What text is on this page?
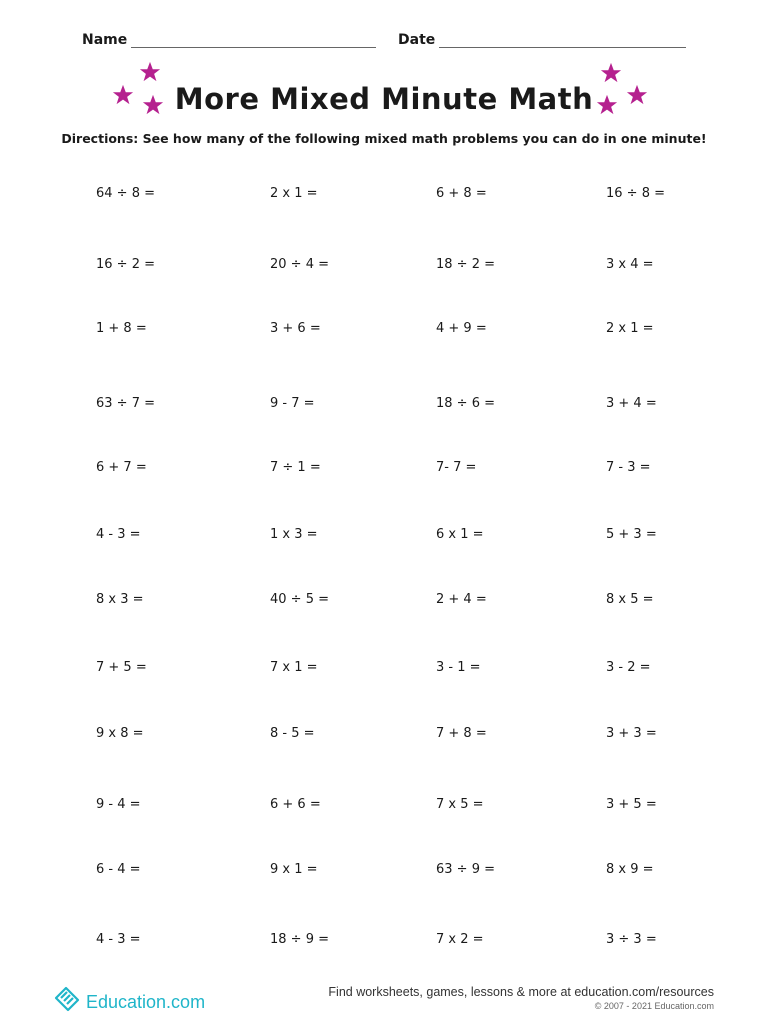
Name	Date
More Mixed Minute Math
Directions: See how many of the following mixed math problems you can do in one minute!
64 ÷ 8 =	2 x 1 =	6 + 8 =	16 ÷ 8 =
16 ÷ 2 =	20 ÷ 4 =	18 ÷ 2 =	3 x 4 =
1 + 8 =	3 + 6 =	4 + 9 =	2 x 1 =
63 ÷ 7 =	9 - 7 =	18 ÷ 6 =	3 + 4 =
6 + 7 =	7 ÷ 1 =	7- 7 =	7 - 3 =
4 - 3 =	1 x 3 =	6 x 1 =	5 + 3 =
8 x 3 =	40 ÷ 5 =	2 + 4 =	8 x 5 =
7 + 5 =	7 x 1 =	3 - 1 =	3 - 2 =
9 x 8 =	8 - 5 =	7 + 8 =	3 + 3 =
9 - 4 =	6 + 6 =	7 x 5 =	3 + 5 =
6 - 4 =	9 x 1 =	63 ÷ 9 =	8 x 9 =
4 - 3 =	18 ÷ 9 =	7 x 2 =	3 ÷ 3 =
Education.com	Find worksheets, games, lessons & more at education.com/resources
© 2007 - 2021 Education.com
